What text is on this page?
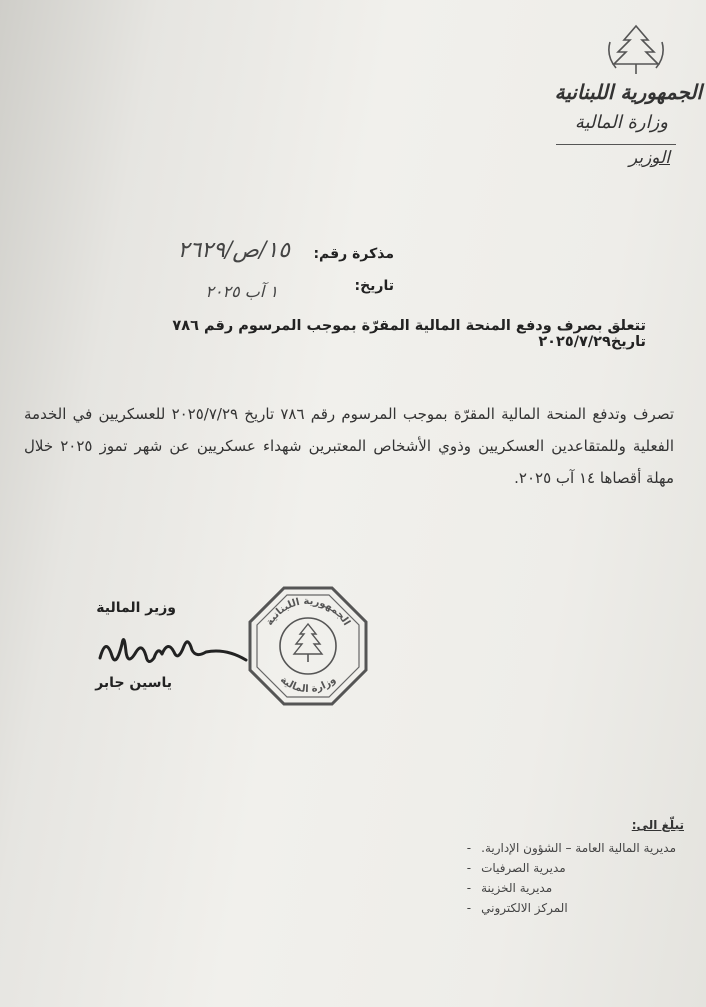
الجمهورية اللبنانية
وزارة المالية
الوزير
مذكرة رقم:
١٥/ص/٢٦٢٩
تاريخ:
١ آب ٢٠٢٥
تتعلق بصرف ودفع المنحة المالية المقرّة بموجب المرسوم رقم ٧٨٦ تاريخ٢٠٢٥/٧/٢٩
تصرف وتدفع المنحة المالية المقرّة بموجب المرسوم رقم ٧٨٦ تاريخ ٢٠٢٥/٧/٢٩ للعسكريين في الخدمة الفعلية وللمتقاعدين العسكريين وذوي الأشخاص المعتبرين شهداء عسكريين عن شهر تموز ٢٠٢٥ خلال مهلة أقصاها ١٤ آب ٢٠٢٥.
وزير المالية
ياسين جابر
الجمهورية اللبنانية
وزارة المالية
تبلّغ الى:
- مديرية المالية العامة – الشؤون الإدارية.
- مديرية الصرفيات
- مديرية الخزينة
- المركز الالكتروني
